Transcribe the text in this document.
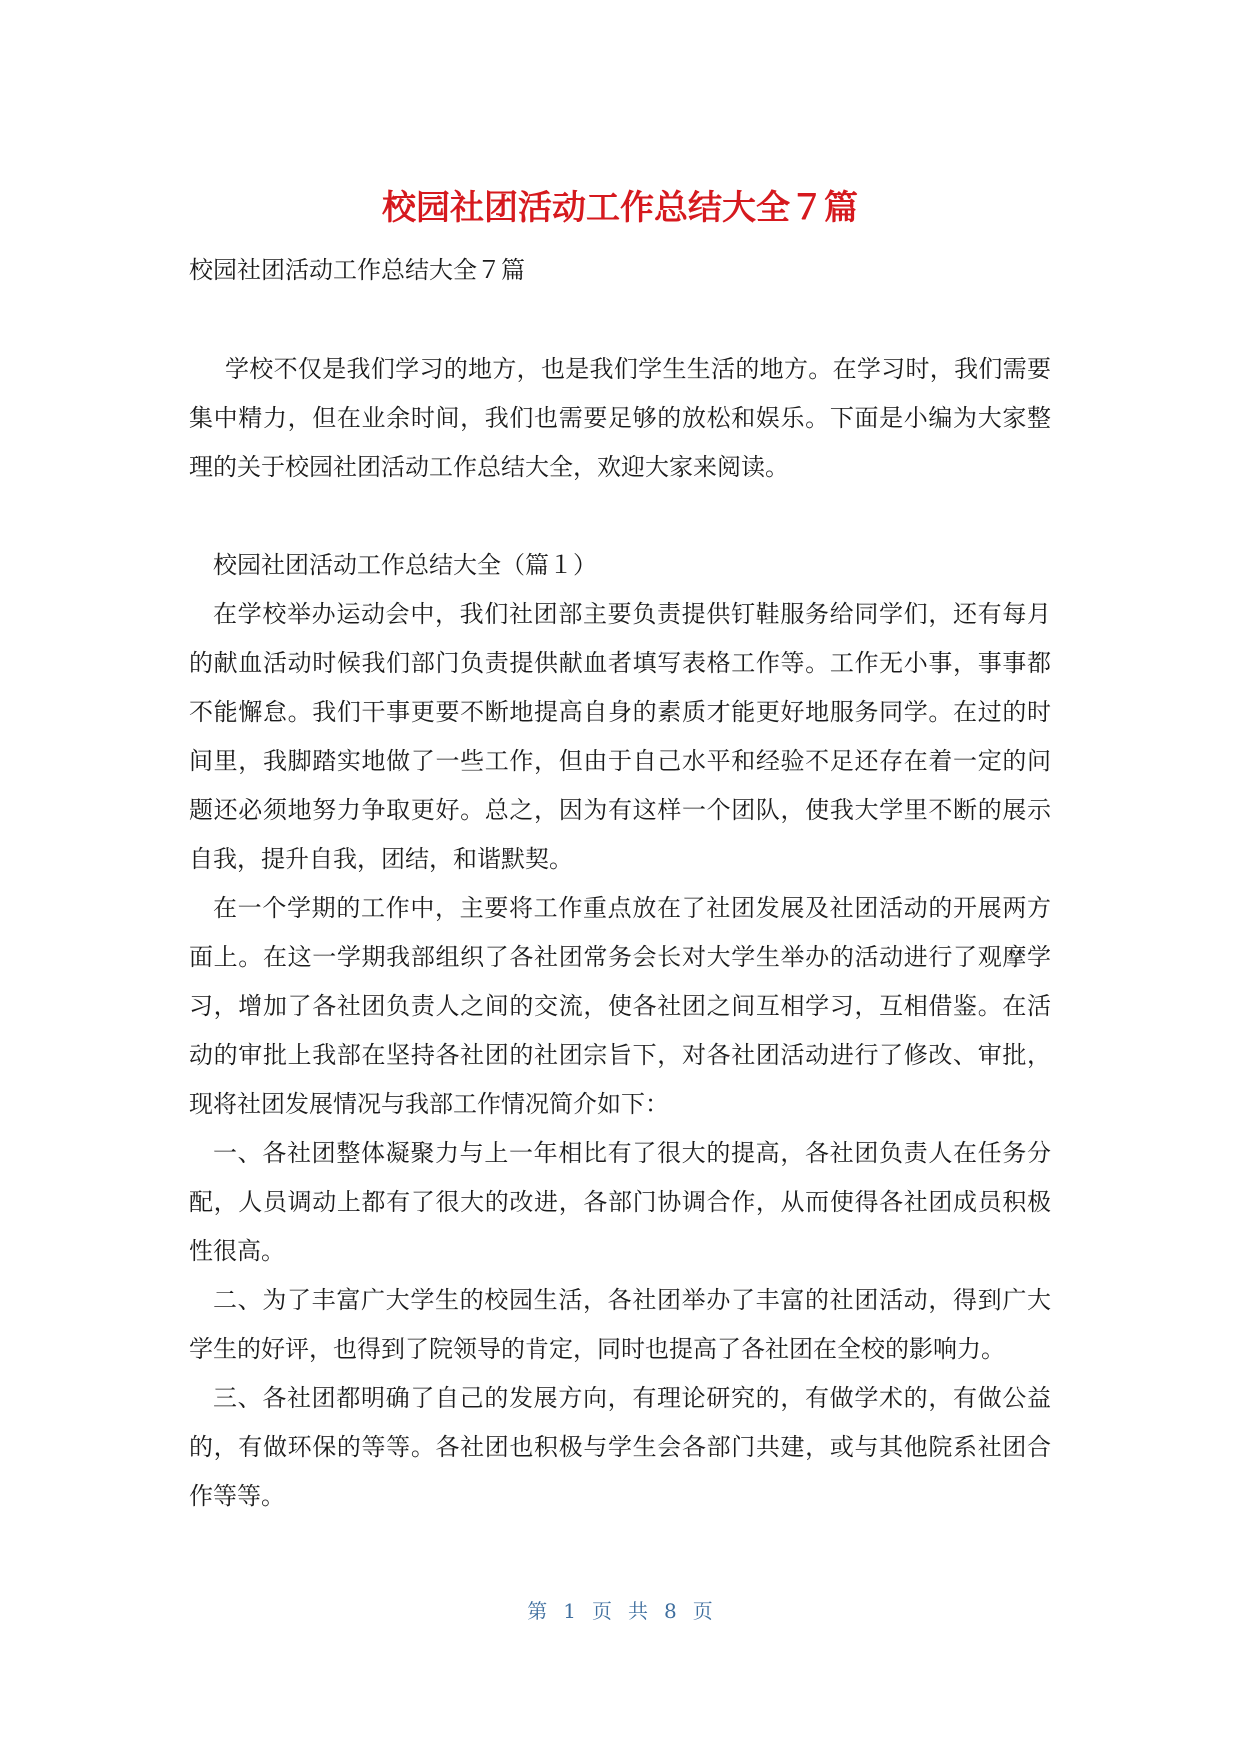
校园社团活动工作总结大全７篇
校园社团活动工作总结大全７篇

学校不仅是我们学习的地方，也是我们学生生活的地方。在学习时，我们需要集中精力，但在业余时间，我们也需要足够的放松和娱乐。下面是小编为大家整理的关于校园社团活动工作总结大全，欢迎大家来阅读。

校园社团活动工作总结大全（篇１）

在学校举办运动会中，我们社团部主要负责提供钉鞋服务给同学们，还有每月的献血活动时候我们部门负责提供献血者填写表格工作等。工作无小事，事事都不能懈怠。我们干事更要不断地提高自身的素质才能更好地服务同学。在过的时间里，我脚踏实地做了一些工作，但由于自己水平和经验不足还存在着一定的问题还必须地努力争取更好。总之，因为有这样一个团队，使我大学里不断的展示自我，提升自我，团结，和谐默契。

在一个学期的工作中，主要将工作重点放在了社团发展及社团活动的开展两方面上。在这一学期我部组织了各社团常务会长对大学生举办的活动进行了观摩学习，增加了各社团负责人之间的交流，使各社团之间互相学习，互相借鉴。在活动的审批上我部在坚持各社团的社团宗旨下，对各社团活动进行了修改、审批，现将社团发展情况与我部工作情况简介如下：

一、各社团整体凝聚力与上一年相比有了很大的提高，各社团负责人在任务分配，人员调动上都有了很大的改进，各部门协调合作，从而使得各社团成员积极性很高。

二、为了丰富广大学生的校园生活，各社团举办了丰富的社团活动，得到广大学生的好评，也得到了院领导的肯定，同时也提高了各社团在全校的影响力。

三、各社团都明确了自己的发展方向，有理论研究的，有做学术的，有做公益的，有做环保的等等。各社团也积极与学生会各部门共建，或与其他院系社团合作等等。

第 1 页 共 8 页
